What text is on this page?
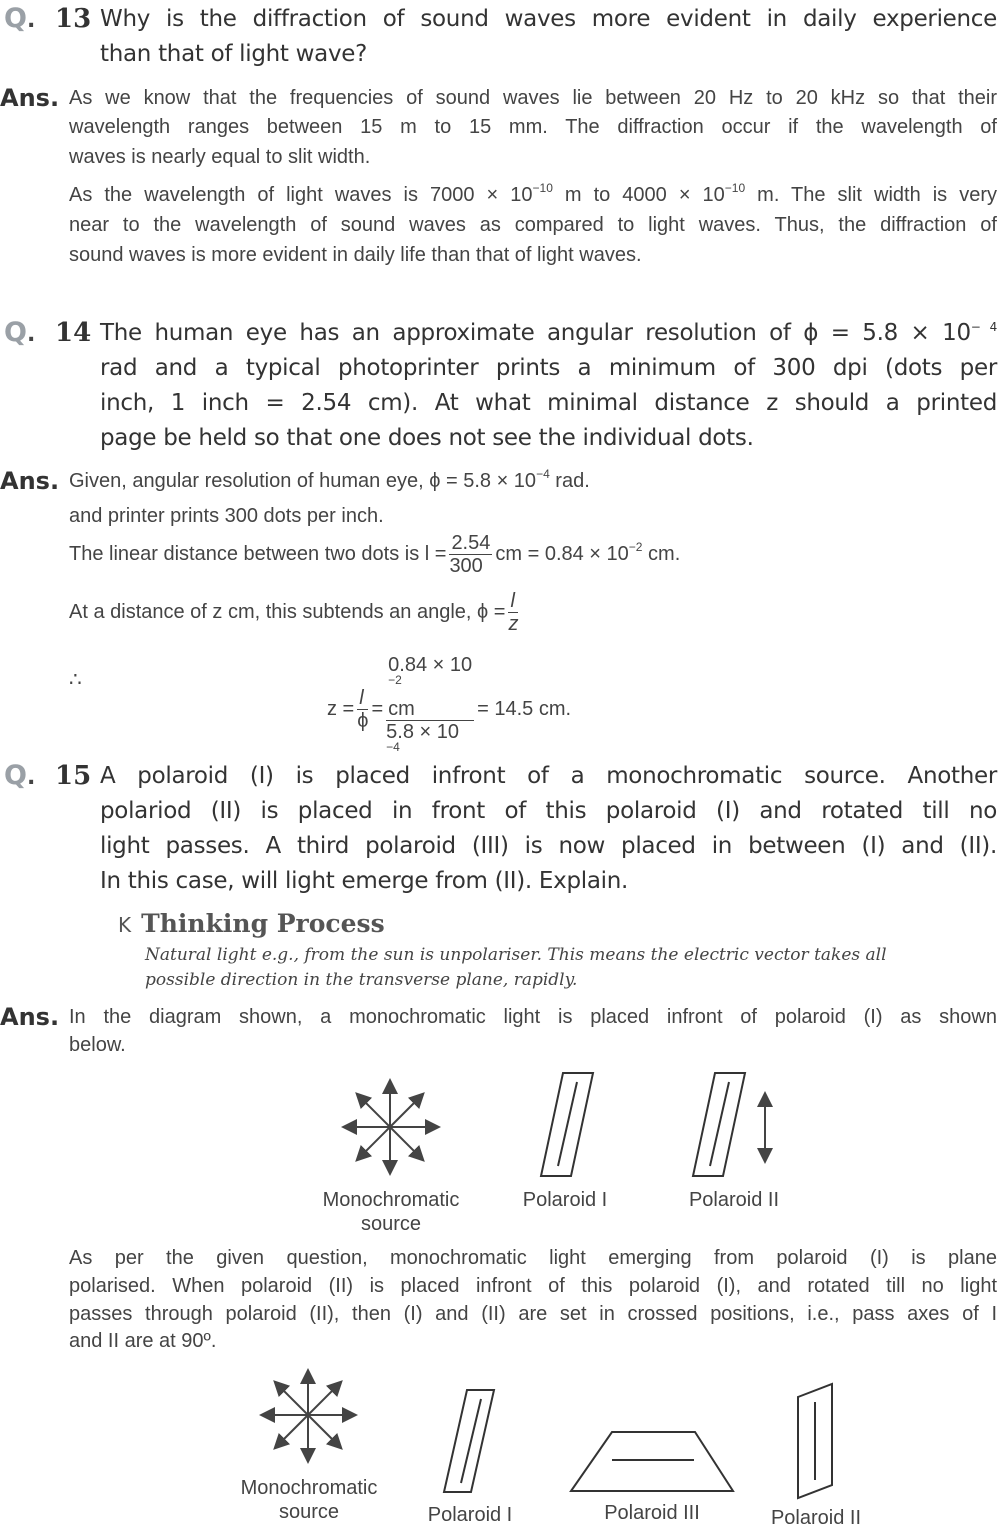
Q. 13 Why is the diffraction of sound waves more evident in daily experience
than that of light wave?
Ans. As we know that the frequencies of sound waves lie between 20 Hz to 20 kHz so that their
wavelength ranges between 15 m to 15 mm. The diffraction occur if the wavelength of
waves is nearly equal to slit width.
As the wavelength of light waves is $7000 \times 10^{-10}$ m to $4000 \times 10^{-10}$ m. The slit width is very
near to the wavelength of sound waves as compared to light waves. Thus, the diffraction of
sound waves is more evident in daily life than that of light waves.
Q. 14 The human eye has an approximate angular resolution of $\phi = 5.8 \times 10^{- 4}$
rad and a typical photoprinter prints a minimum of 300 dpi (dots per
inch, 1 inch = 2.54 cm). At what minimal distance z should a printed
page be held so that one does not see the individual dots.
Ans. Given, angular resolution of human eye, $\phi = 5.8 \times 10^{-4}$ rad.
and printer prints 300 dots per inch.
The linear distance between two dots is $l = \frac{2.54}{300}$ cm = $0.84 \times 10^{-2}$ cm.
At a distance of z cm, this subtends an angle, $\phi = \frac{l}{z}$
∴
$z = \frac{l}{\phi} = 0.84 \times 10$
$^{-2}$
cm
5.8 × 10
$^{-4}$ = 14.5 cm.
Q. 15 A polaroid (I) is placed infront of a monochromatic source. Another
polariod (II) is placed in front of this polaroid (I) and rotated till no
light passes. A third polaroid (III) is now placed in between (I) and (II).
In this case, will light emerge from (II). Explain.
K Thinking Process
Natural light e.g., from the sun is unpolariser. This means the electric vector takes all
possible direction in the transverse plane, rapidly.
Ans. In the diagram shown, a monochromatic light is placed infront of polaroid (I) as shown
below.
Monochromatic
source
Polaroid I	Polaroid II
As per the given question, monochromatic light emerging from polaroid (I) is plane
polarised. When polaroid (II) is placed infront of this polaroid (I), and rotated till no light
passes through polaroid (II), then (I) and (II) are set in crossed positions, i.e., pass axes of I
and II are at 90º.
Monochromatic
source	Polaroid I	Polaroid III	Polaroid II
